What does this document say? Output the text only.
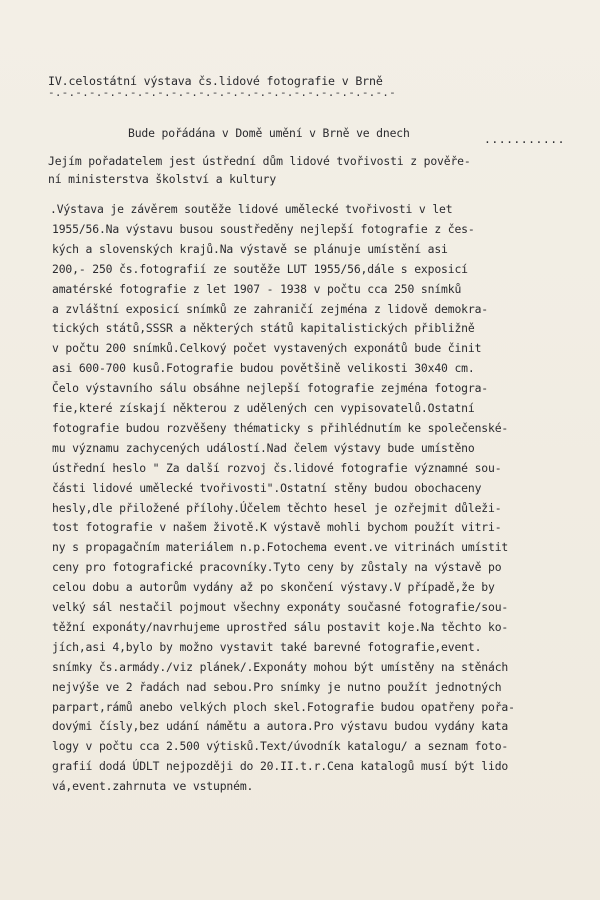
IV.celostátní výstava čs.lidové fotografie v Brně
-.-.-.-.-.-.-.-.-.-.-.-.-.-.-.-.-.-.-.-.-.-.-.-.-.-
Bude pořádána v Domě umění v Brně ve dnech	...........
Jejím pořadatelem jest ústřední dům lidové tvořivosti z pověře-
ní ministerstva školství a kultury
.Výstava je závěrem soutěže lidové umělecké tvořivosti v let
1955/56.Na výstavu busou soustředěny nejlepší fotografie z čes-
kých a slovenských krajů.Na výstavě se plánuje umístění asi
200,- 250 čs.fotografií ze soutěže LUT 1955/56,dále s exposicí
amatérské fotografie z let 1907 - 1938 v počtu cca 250 snímků
a zvláštní exposicí snímků ze zahraničí zejména z lidově demokra-
tických států,SSSR a některých států kapitalistických přibližně
v počtu 200 snímků.Celkový počet vystavených exponátů bude činit
asi 600-700 kusů.Fotografie budou povětšině velikosti 30x40 cm.
Čelo výstavního sálu obsáhne nejlepší fotografie zejména fotogra-
fie,které získají některou z udělených cen vypisovatelů.Ostatní
fotografie budou rozvěšeny thématicky s přihlédnutím ke společenské-
mu významu zachycených událostí.Nad čelem výstavy bude umístěno
ústřední heslo " Za další rozvoj čs.lidové fotografie významné sou-
části lidové umělecké tvořivosti".Ostatní stěny budou obochaceny
hesly,dle přiložené přílohy.Účelem těchto hesel je ozřejmit důleži-
tost fotografie v našem životě.K výstavě mohli bychom použít vitri-
ny s propagačním materiálem n.p.Fotochema event.ve vitrinách umístit
ceny pro fotografické pracovníky.Tyto ceny by zůstaly na výstavě po
celou dobu a autorům vydány až po skončení výstavy.V případě,že by
velký sál nestačil pojmout všechny exponáty současné fotografie/sou-
těžní exponáty/navrhujeme uprostřed sálu postavit koje.Na těchto ko-
jích,asi 4,bylo by možno vystavit také barevné fotografie,event.
snímky čs.armády./viz plánek/.Exponáty mohou být umístěny na stěnách
nejvýše ve 2 řadách nad sebou.Pro snímky je nutno použít jednotných
parpart,rámů anebo velkých ploch skel.Fotografie budou opatřeny pořa-
dovými čísly,bez udání námětu a autora.Pro výstavu budou vydány kata
logy v počtu cca 2.500 výtisků.Text/úvodník katalogu/ a seznam foto-
grafií dodá ÚDLT nejpozději do 20.II.t.r.Cena katalogů musí být lido
vá,event.zahrnuta ve vstupném.
